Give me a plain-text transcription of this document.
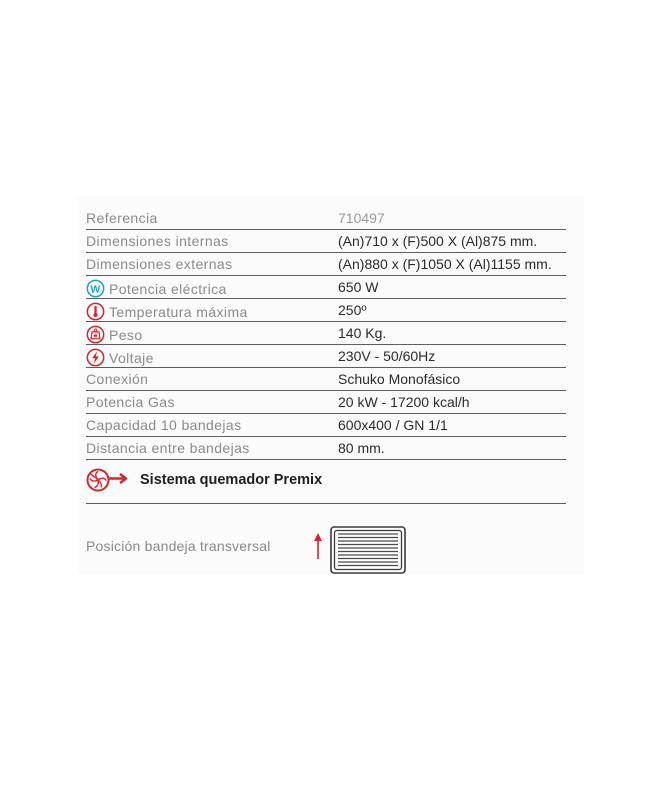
Referencia	710497
Dimensiones internas	(An)710 x (F)500 X (Al)875 mm.
Dimensiones externas	(An)880 x (F)1050 X (Al)1155 mm.
W Potencia eléctrica	650 W
Temperatura máxima	250º
Peso	140 Kg.
Voltaje	230V - 50/60Hz
Conexión	Schuko Monofásico
Potencia Gas	20 kW - 17200 kcal/h
Capacidad 10 bandejas	600x400 / GN 1/1
Distancia entre bandejas	80 mm.
Sistema quemador Premix
Posición bandeja transversal
